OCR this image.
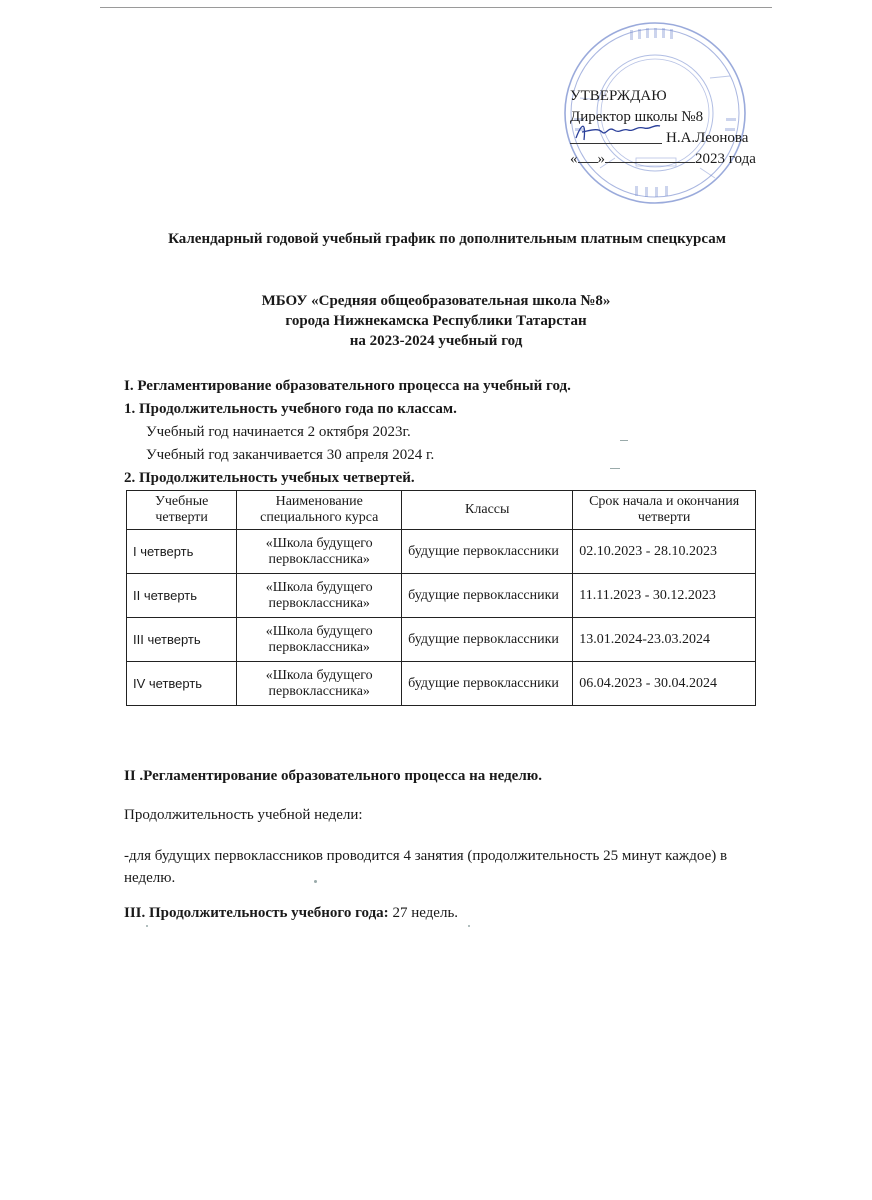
УТВЕРЖДАЮ
Директор школы №8
Н.А.Леонова
« »	2023 года
Календарный годовой учебный график по дополнительным платным спецкурсам
МБОУ «Средняя общеобразовательная школа №8»
города Нижнекамска Республики Татарстан
на 2023-2024 учебный год
I. Регламентирование образовательного процесса на учебный год.
1. Продолжительность учебного года по классам.
Учебный год начинается 2 октября 2023г.
Учебный год заканчивается 30 апреля 2024 г.
2. Продолжительность учебных четвертей.
Учебные четверти	Наименование специального курса	Классы	Срок начала и окончания четверти
I четверть	«Школа будущего первоклассника»	будущие первоклассники	02.10.2023 - 28.10.2023
II четверть	«Школа будущего первоклассника»	будущие первоклассники	11.11.2023 - 30.12.2023
III четверть	«Школа будущего первоклассника»	будущие первоклассники	13.01.2024-23.03.2024
IV четверть	«Школа будущего первоклассника»	будущие первоклассники	06.04.2023 - 30.04.2024
II .Регламентирование образовательного процесса на неделю.
Продолжительность учебной недели:
-для будущих первоклассников проводится 4 занятия (продолжительность 25 минут каждое) в неделю.
III. Продолжительность учебного года: 27 недель.
